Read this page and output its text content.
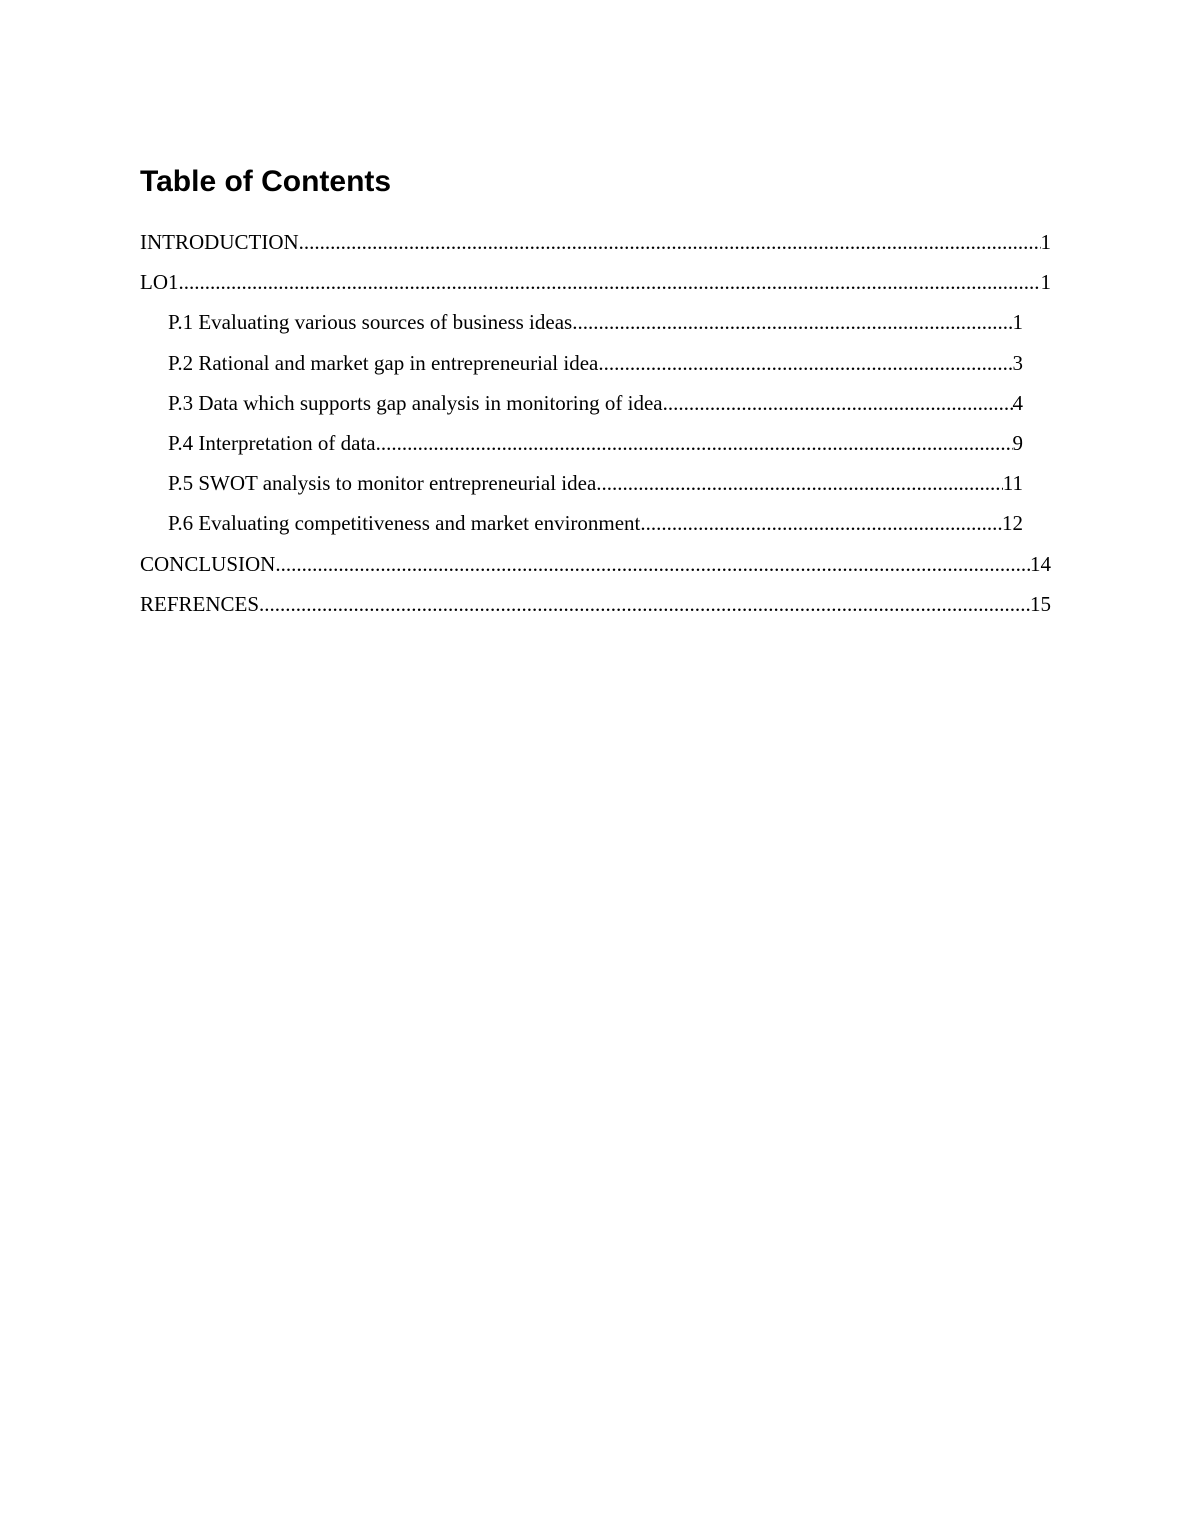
Table of Contents
INTRODUCTION .....	1
LO1 .....	1
P.1 Evaluating various sources of business ideas .....	1
P.2 Rational and market gap in entrepreneurial idea .....	3
P.3 Data which supports gap analysis in monitoring of idea .....	4
P.4 Interpretation of data .....	9
P.5 SWOT analysis to monitor entrepreneurial idea .....	11
P.6 Evaluating competitiveness and market environment .....	12
CONCLUSION .....	14
REFRENCES .....	15
